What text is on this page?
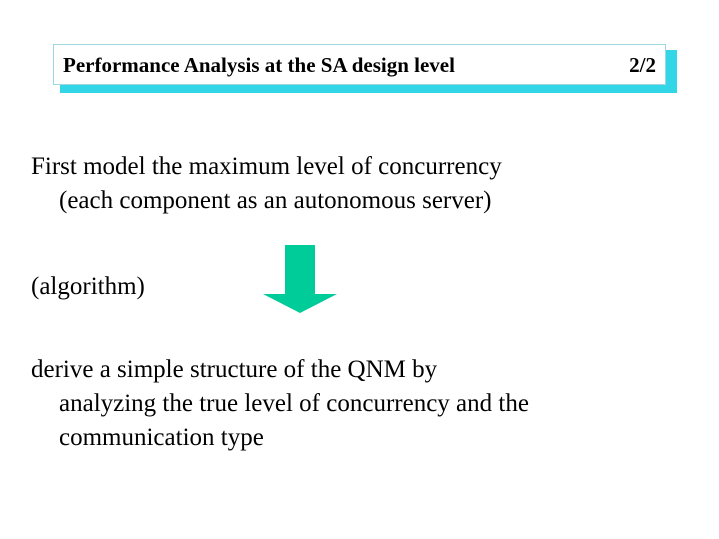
Performance Analysis at the SA design level	2/2
First model the maximum level of concurrency
(each component as an autonomous server)
(algorithm)
derive a simple structure of the QNM by
analyzing the true level of concurrency and the
communication type
